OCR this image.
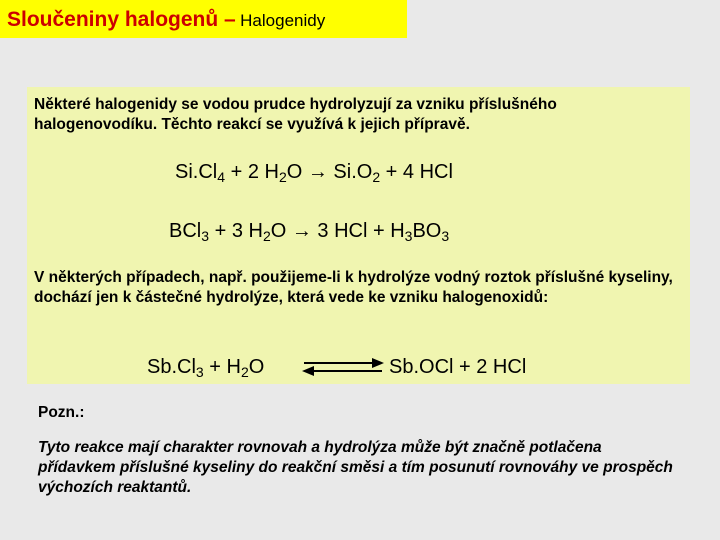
Sloučeniny halogenů – Halogenidy

Některé halogenidy se vodou prudce hydrolyzují za vzniku příslušného halogenovodíku. Těchto reakcí se využívá k jejich přípravě.

$Si.Cl_4 + 2$ $H_2O \to Si.O_2 + 4$ HCl
BCl$_3$ + 3 $H_2O \to 3$ HCl + $H_3BO_3$

V některých případech, např. použijeme-li k hydrolýze vodný roztok příslušné kyseliny, dochází jen k částečné hydrolýze, která vede ke vzniku halogenoxidů:

$Sb.Cl_3 + H_2O$	Sb.OCl + 2 HCl
Pozn.:

Tyto reakce mají charakter rovnovah a hydrolýza může být značně potlačena přídavkem příslušné kyseliny do reakční směsi a tím posunutí rovnováhy ve prospěch výchozích reaktantů.
